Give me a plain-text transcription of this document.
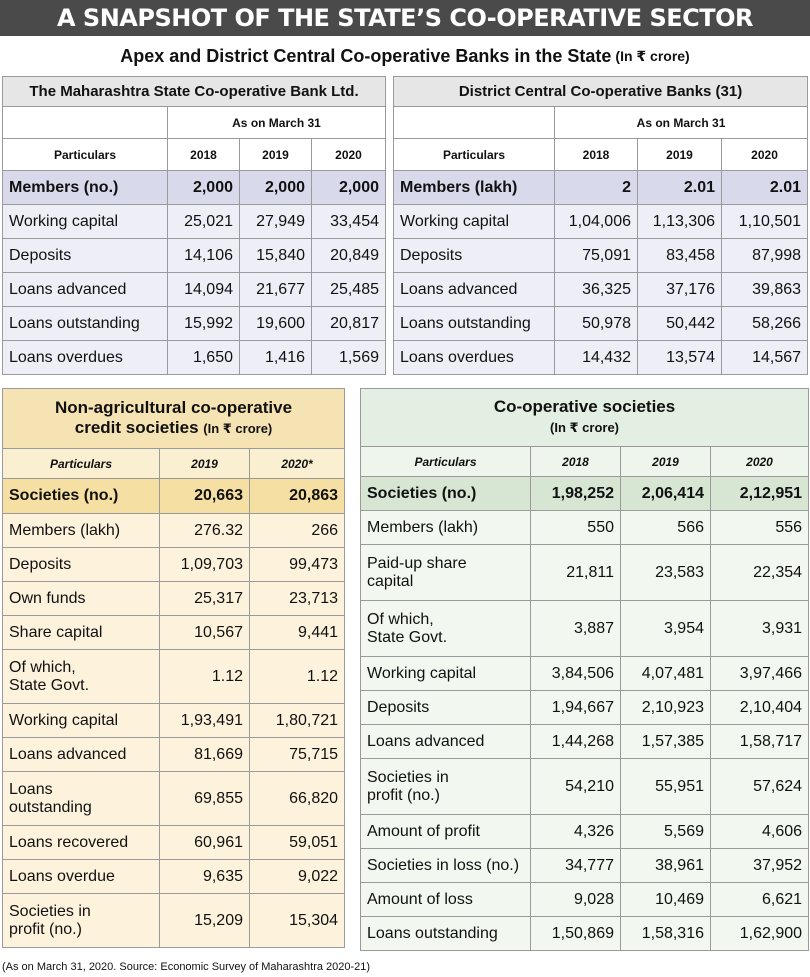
A SNAPSHOT OF THE STATE’S CO-OPERATIVE SECTOR
Apex and District Central Co-operative Banks in the State (In ₹ crore)
The Maharashtra State Co-operative Bank Ltd.			
	As on March 31		
Particulars	2018	2019	2020
Members (no.)	2,000	2,000	2,000
Working capital	25,021	27,949	33,454
Deposits	14,106	15,840	20,849
Loans advanced	14,094	21,677	25,485
Loans outstanding	15,992	19,600	20,817
Loans overdues	1,650	1,416	1,569
District Central Co-operative Banks (31)			
	As on March 31		
Particulars	2018	2019	2020
Members (lakh)	2	2.01	2.01
Working capital	1,04,006	1,13,306	1,10,501
Deposits	75,091	83,458	87,998
Loans advanced	36,325	37,176	39,863
Loans outstanding	50,978	50,442	58,266
Loans overdues	14,432	13,574	14,567
Non-agricultural co-operative
credit societies (In ₹ crore)		
Particulars	2019	2020*
Societies (no.)	20,663	20,863
Members (lakh)	276.32	266
Deposits	1,09,703	99,473
Own funds	25,317	23,713
Share capital	10,567	9,441
Of which,
State Govt.	1.12	1.12
Working capital	1,93,491	1,80,721
Loans advanced	81,669	75,715
Loans
outstanding	69,855	66,820
Loans recovered	60,961	59,051
Loans overdue	9,635	9,022
Societies in
profit (no.)	15,209	15,304
Co-operative societies
(In ₹ crore)			
Particulars	2018	2019	2020
Societies (no.)	1,98,252	2,06,414	2,12,951
Members (lakh)	550	566	556
Paid-up share
capital	21,811	23,583	22,354
Of which,
State Govt.	3,887	3,954	3,931
Working capital	3,84,506	4,07,481	3,97,466
Deposits	1,94,667	2,10,923	2,10,404
Loans advanced	1,44,268	1,57,385	1,58,717
Societies in
profit (no.)	54,210	55,951	57,624
Amount of profit	4,326	5,569	4,606
Societies in loss (no.)	34,777	38,961	37,952
Amount of loss	9,028	10,469	6,621
Loans outstanding	1,50,869	1,58,316	1,62,900
(As on March 31, 2020. Source: Economic Survey of Maharashtra 2020-21)
